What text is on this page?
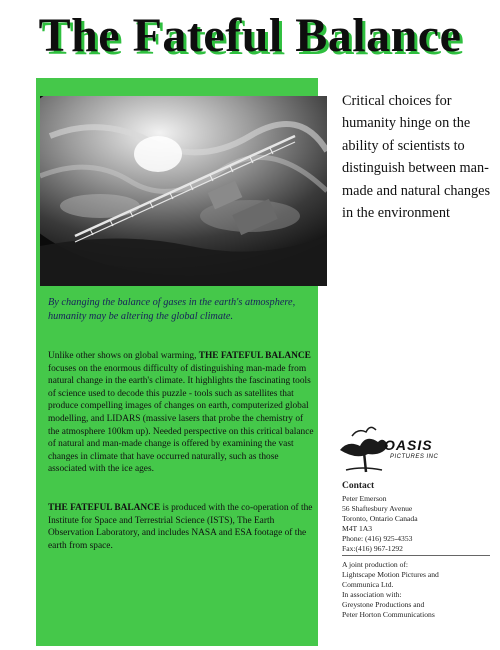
The Fateful Balance
Critical choices for humanity hinge on the ability of scientists to distinguish between man-made and natural changes in the environment
By changing the balance of gases in the earth's atmosphere, humanity may be altering the global climate.
Unlike other shows on global warming, THE FATEFUL BALANCE focuses on the enormous difficulty of distinguishing man-made from natural change in the earth's climate. It highlights the fascinating tools of science used to decode this puzzle - tools such as satellites that produce compelling images of changes on earth, computerized global modelling, and LIDARS (massive lasers that probe the chemistry of the atmosphere 100km up). Needed perspective on this critical balance of natural and man-made change is offered by examining the vast changes in climate that have occurred naturally, such as those associated with the ice ages.
THE FATEFUL BALANCE is produced with the co-operation of the Institute for Space and Terrestrial Science (ISTS), The Earth Observation Laboratory, and includes NASA and ESA footage of the earth from space.
OASIS
PICTURES INC
Contact
Peter Emerson
56 Shaftesbury Avenue
Toronto, Ontario Canada
M4T 1A3
Phone: (416) 925-4353
Fax:(416) 967-1292
A joint production of:
Lightscape Motion Pictures and
Communica Ltd.
In association with:
Greystone Productions and
Peter Horton Communications
